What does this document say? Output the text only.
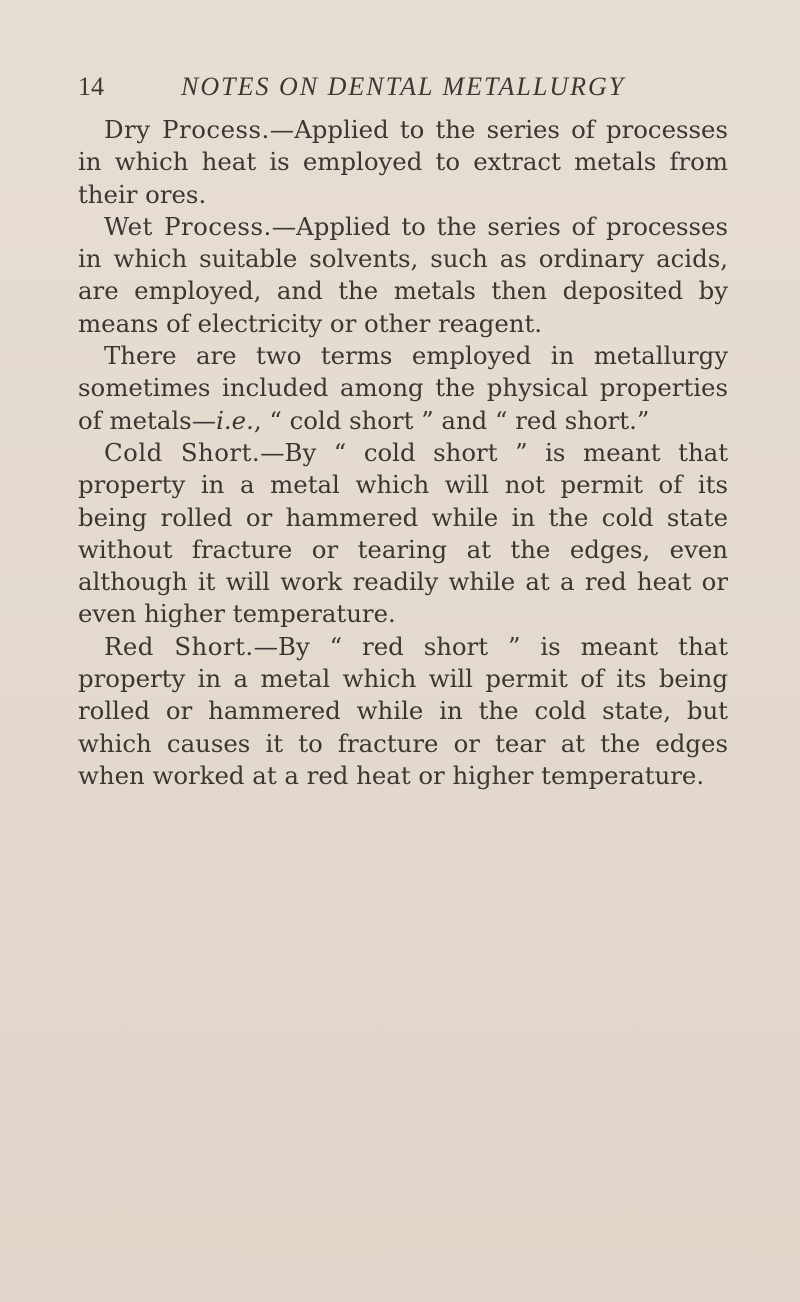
14	NOTES ON DENTAL METALLURGY

Dry Process.—Applied to the series of processes in which heat is employed to extract metals from their ores.

Wet Process.—Applied to the series of processes in which suitable solvents, such as ordinary acids, are employed, and the metals then deposited by means of electricity or other reagent.

There are two terms employed in metallurgy sometimes included among the physical properties of metals—i.e., “ cold short ” and “ red short.”

Cold Short.—By “ cold short ” is meant that property in a metal which will not permit of its being rolled or hammered while in the cold state without fracture or tearing at the edges, even although it will work readily while at a red heat or even higher temperature.

Red Short.—By “ red short ” is meant that property in a metal which will permit of its being rolled or hammered while in the cold state, but which causes it to fracture or tear at the edges when worked at a red heat or higher temperature.
